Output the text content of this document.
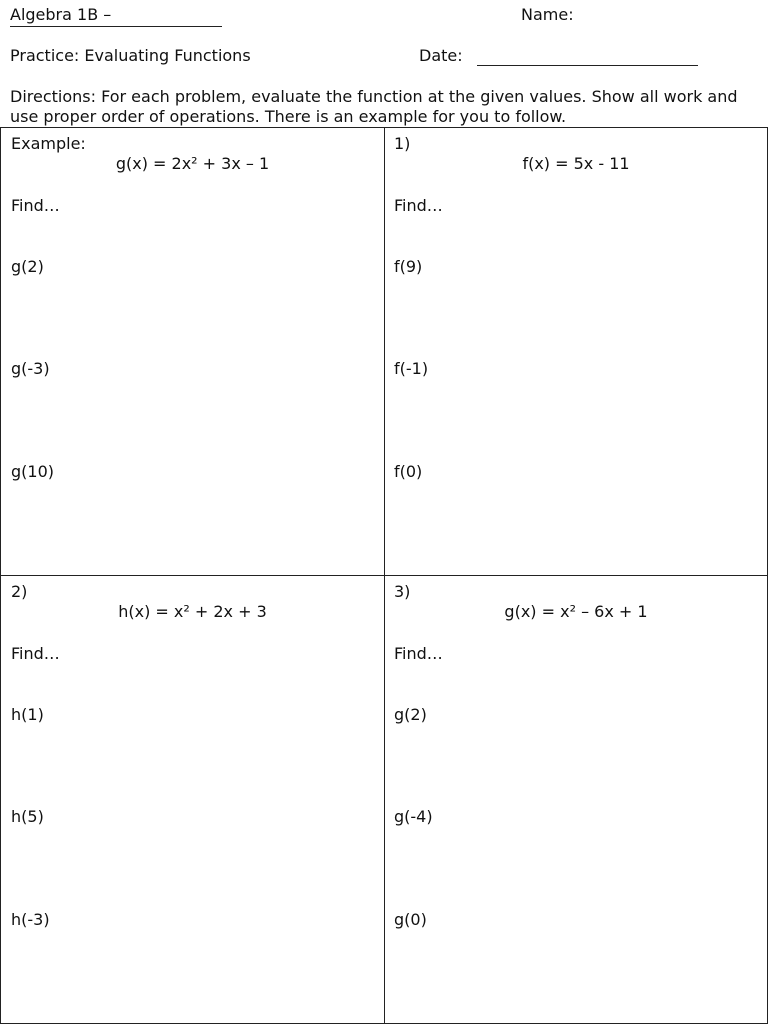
Algebra 1B –	Name:
Practice: Evaluating Functions	Date:
Directions: For each problem, evaluate the function at the given values. Show all work and use proper order of operations. There is an example for you to follow.
Example:
g(x) = 2x² + 3x – 1
Find…
g(2)
g(-3)
g(10)
1)
f(x) = 5x - 11
Find…
f(9)
f(-1)
f(0)
2)
h(x) = x² + 2x + 3
Find…
h(1)
h(5)
h(-3)
3)
g(x) = x² – 6x + 1
Find…
g(2)
g(-4)
g(0)
